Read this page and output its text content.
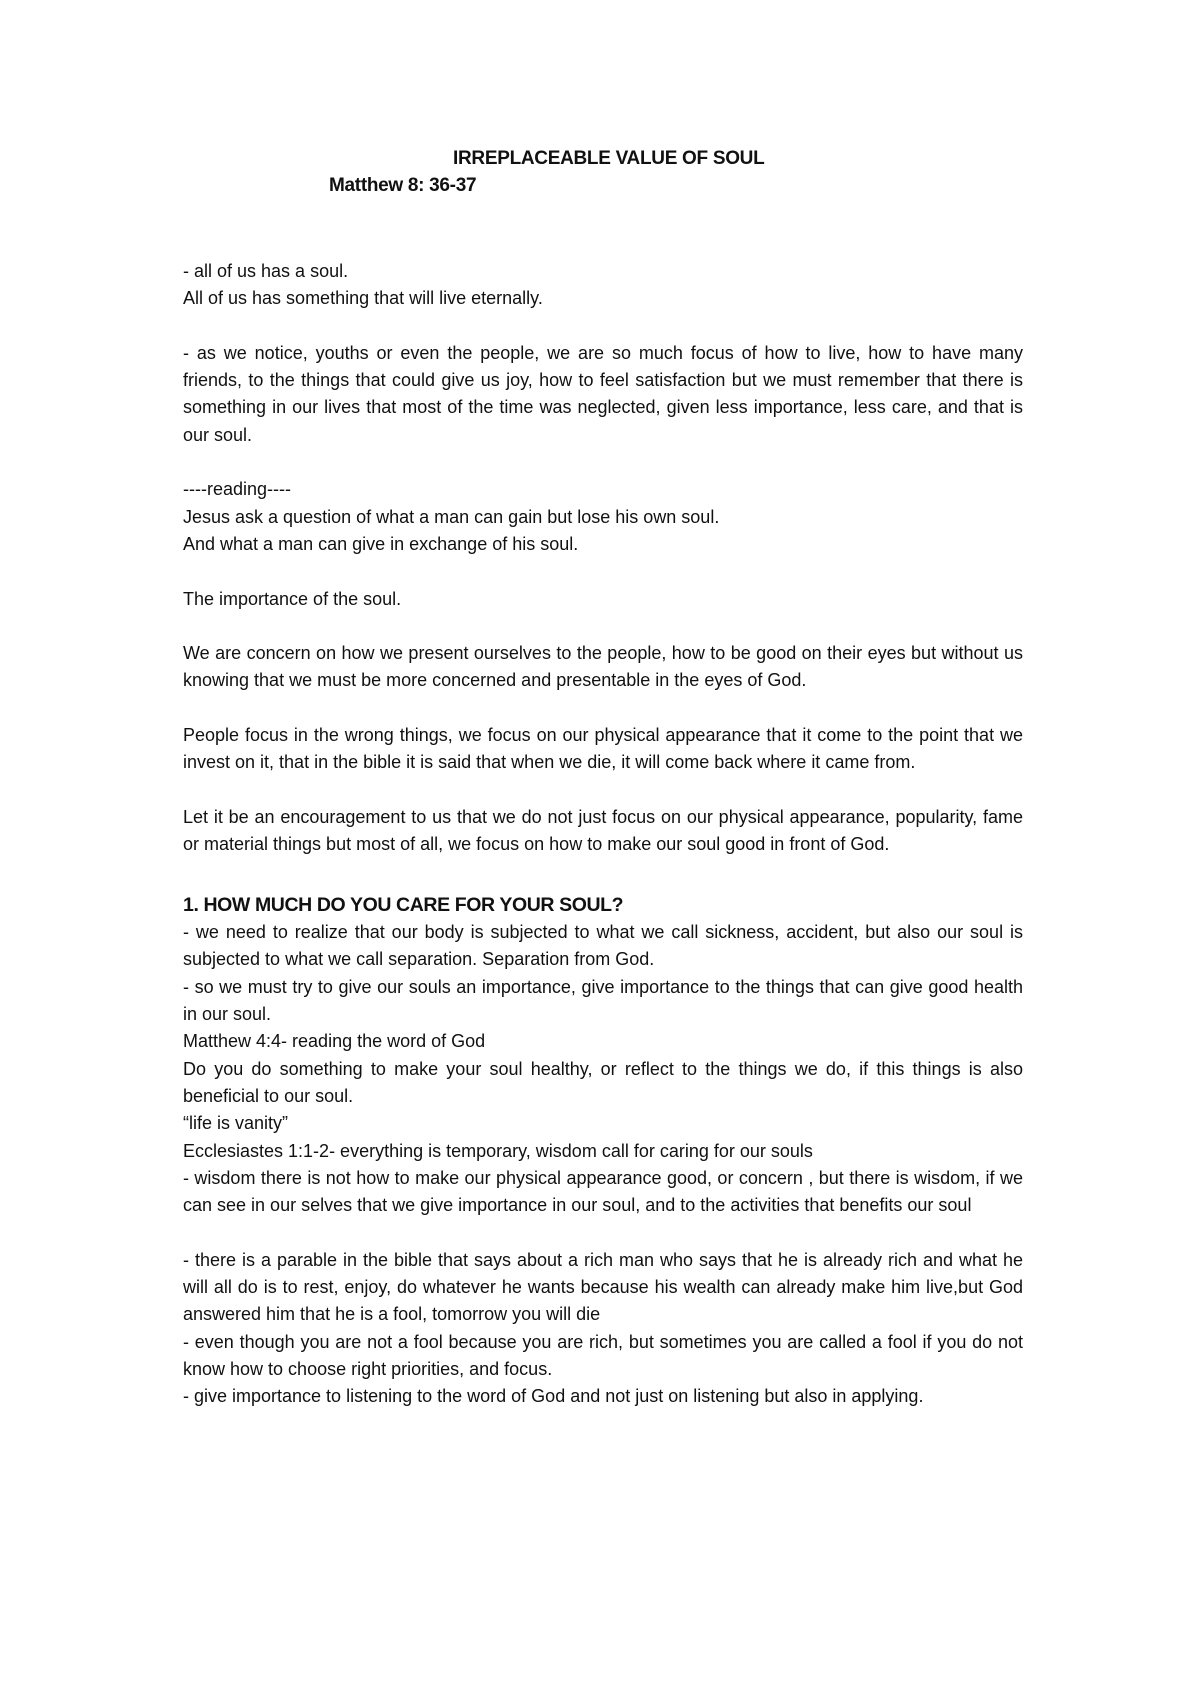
IRREPLACEABLE VALUE OF SOUL
Matthew 8: 36-37

- all of us has a soul.

All of us has something that will live eternally.

- as we notice, youths or even the people, we are so much focus of how to live, how to have many friends, to the things that could give us joy, how to feel satisfaction but we must remember that there is something in our lives that most of the time was neglected, given less importance, less care, and that is our soul.

----reading----

Jesus ask a question of what a man can gain but lose his own soul.

And what a man can give in exchange of his soul.

The importance of the soul.

We are concern on how we present ourselves to the people, how to be good on their eyes but without us knowing that we must be more concerned and presentable in the eyes of God.

People focus in the wrong things, we focus on our physical appearance that it come to the point that we invest on it, that in the bible it is said that when we die, it will come back where it came from.

Let it be an encouragement to us that we do not just focus on our physical appearance, popularity, fame or material things but most of all, we focus on how to make our soul good in front of God.

1. HOW MUCH DO YOU CARE FOR YOUR SOUL?

- we need to realize that our body is subjected to what we call sickness, accident, but also our soul is subjected to what we call separation. Separation from God.

- so we must try to give our souls an importance, give importance to the things that can give good health in our soul.

Matthew 4:4- reading the word of God

Do you do something to make your soul healthy, or reflect to the things we do, if this things is also beneficial to our soul.

“life is vanity”

Ecclesiastes 1:1-2- everything is temporary, wisdom call for caring for our souls

- wisdom there is not how to make our physical appearance good, or concern , but there is wisdom, if we can see in our selves that we give importance in our soul, and to the activities that benefits our soul

- there is a parable in the bible that says about a rich man who says that he is already rich and what he will all do is to rest, enjoy, do whatever he wants because his wealth can already make him live,but God answered him that he is a fool, tomorrow you will die

- even though you are not a fool because you are rich, but sometimes you are called a fool if you do not know how to choose right priorities, and focus.

- give importance to listening to the word of God and not just on listening but also in applying.
